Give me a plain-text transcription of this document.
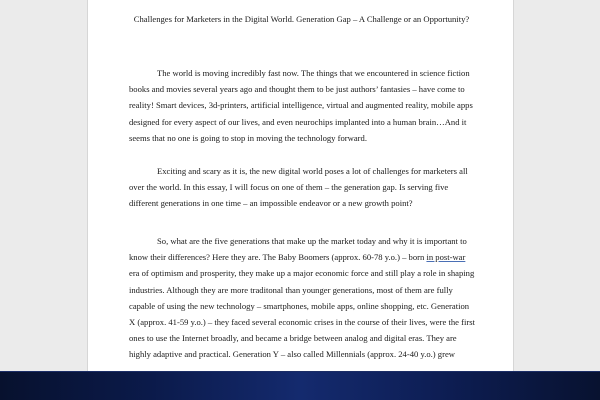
Challenges for Marketers in the Digital World. Generation Gap – A Challenge or an Opportunity?

The world is moving incredibly fast now. The things that we encountered in science fiction books and movies several years ago and thought them to be just authors’ fantasies – have come to reality! Smart devices, 3d-printers, artificial intelligence, virtual and augmented reality, mobile apps designed for every aspect of our lives, and even neurochips implanted into a human brain…And it seems that no one is going to stop in moving the technology forward.

Exciting and scary as it is, the new digital world poses a lot of challenges for marketers all over the world. In this essay, I will focus on one of them – the generation gap. Is serving five different generations in one time – an impossible endeavor or a new growth point?

So, what are the five generations that make up the market today and why it is important to know their differences? Here they are. The Baby Boomers (approx. 60-78 y.o.) – born in post-war era of optimism and prosperity, they make up a major economic force and still play a role in shaping industries. Although they are more traditonal than younger generations, most of them are fully capable of using the new technology – smartphones, mobile apps, online shopping, etc. Generation X (approx. 41-59 y.o.) – they faced several economic crises in the course of their lives, were the first ones to use the Internet broadly, and became a bridge between analog and digital eras. They are highly adaptive and practical. Generation Y – also called Millennials (approx. 24-40 y.o.) grew
